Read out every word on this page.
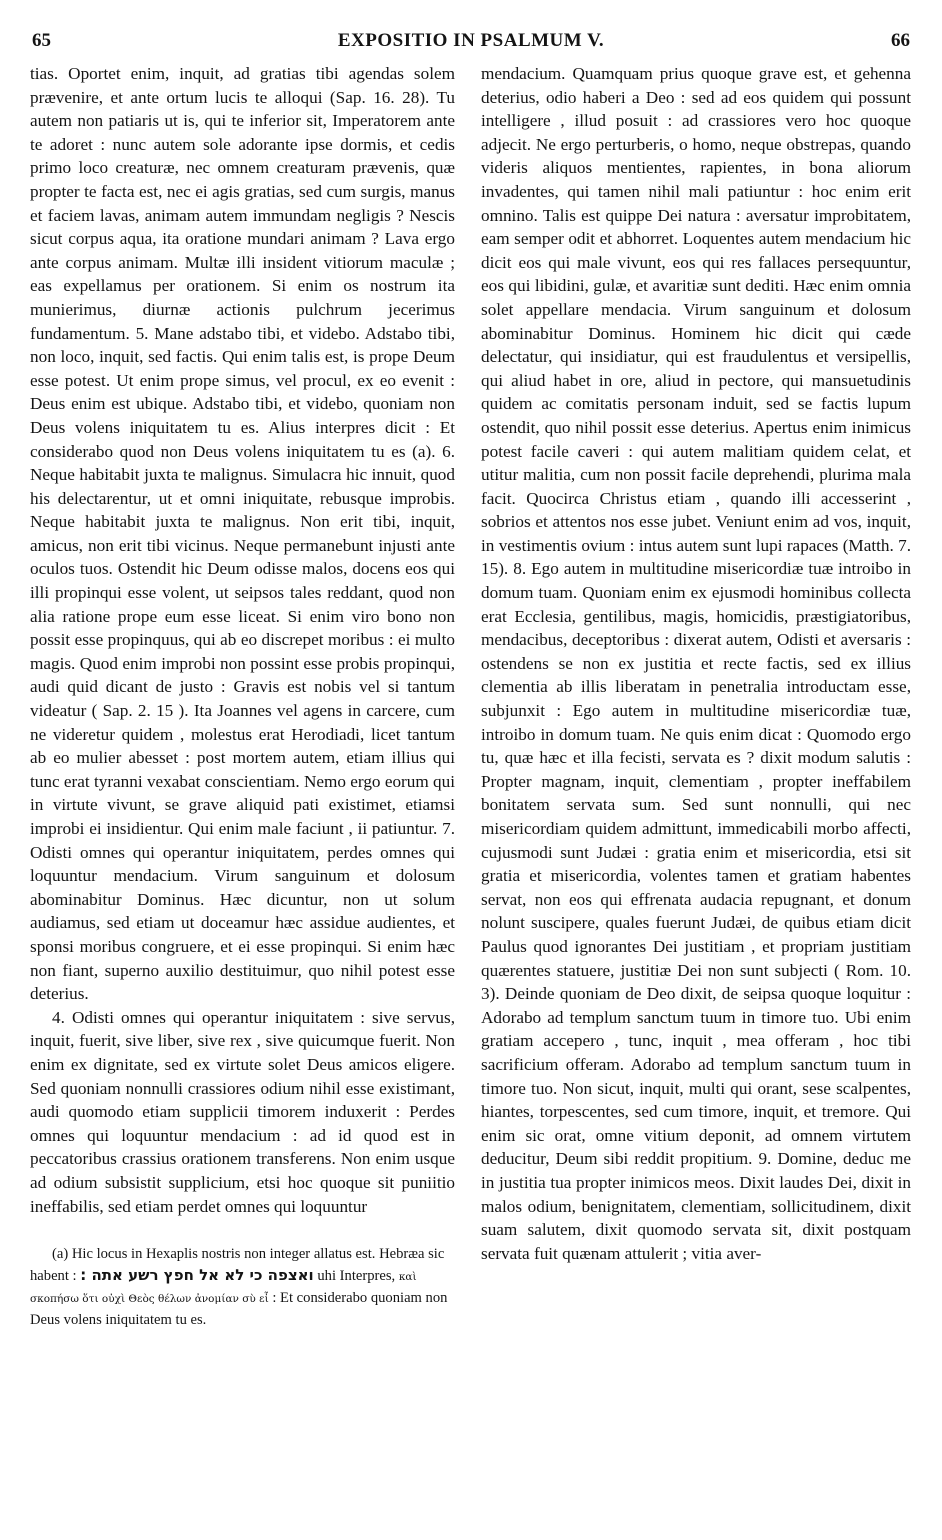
65	EXPOSITIO IN PSALMUM V.	66

tias. Oportet enim, inquit, ad gratias tibi agendas solem prævenire, et ante ortum lucis te alloqui (Sap. 16. 28). Tu autem non patiaris ut is, qui te inferior sit, Imperatorem ante te adoret : nunc autem sole adorante ipse dormis, et cedis primo loco creaturæ, nec omnem creaturam prævenis, quæ propter te facta est, nec ei agis gratias, sed cum surgis, manus et faciem lavas, animam autem immundam negligis ? Nescis sicut corpus aqua, ita oratione mundari animam ? Lava ergo ante corpus animam. Multæ illi insident vitiorum maculæ ; eas expellamus per orationem. Si enim os nostrum ita munierimus, diurnæ actionis pulchrum jecerimus fundamentum. 5. Mane adstabo tibi, et videbo. Adstabo tibi, non loco, inquit, sed factis. Qui enim talis est, is prope Deum esse potest. Ut enim prope simus, vel procul, ex eo evenit : Deus enim est ubique. Adstabo tibi, et videbo, quoniam non Deus volens iniquitatem tu es. Alius interpres dicit : Et considerabo quod non Deus volens iniquitatem tu es (a). 6. Neque habitabit juxta te malignus. Simulacra hic innuit, quod his delectarentur, ut et omni iniquitate, rebusque improbis. Neque habitabit juxta te malignus. Non erit tibi, inquit, amicus, non erit tibi vicinus. Neque permanebunt injusti ante oculos tuos. Ostendit hic Deum odisse malos, docens eos qui illi propinqui esse volent, ut seipsos tales reddant, quod non alia ratione prope eum esse liceat. Si enim viro bono non possit esse propinquus, qui ab eo discrepet moribus : ei multo magis. Quod enim improbi non possint esse probis propinqui, audi quid dicant de justo : Gravis est nobis vel si tantum videatur ( Sap. 2. 15 ). Ita Joannes vel agens in carcere, cum ne videretur quidem , molestus erat Herodiadi, licet tantum ab eo mulier abesset : post mortem autem, etiam illius qui tunc erat tyranni vexabat conscientiam. Nemo ergo eorum qui in virtute vivunt, se grave aliquid pati existimet, etiamsi improbi ei insidientur. Qui enim male faciunt , ii patiuntur. 7. Odisti omnes qui operantur iniquitatem, perdes omnes qui loquuntur mendacium. Virum sanguinum et dolosum abominabitur Dominus. Hæc dicuntur, non ut solum audiamus, sed etiam ut doceamur hæc assidue audientes, et sponsi moribus congruere, et ei esse propinqui. Si enim hæc non fiant, superno auxilio destituimur, quo nihil potest esse deterius.

4. Odisti omnes qui operantur iniquitatem : sive servus, inquit, fuerit, sive liber, sive rex , sive quicumque fuerit. Non enim ex dignitate, sed ex virtute solet Deus amicos eligere. Sed quoniam nonnulli crassiores odium nihil esse existimant, audi quomodo etiam supplicii timorem induxerit : Perdes omnes qui loquuntur mendacium : ad id quod est in peccatoribus crassius orationem transferens. Non enim usque ad odium subsistit supplicium, etsi hoc quoque sit puniitio ineffabilis, sed etiam perdet omnes qui loquuntur

(a) Hic locus in Hexaplis nostris non integer allatus est. Hebræa sic habent : ואצפה כי לא אל חפץ רשע אתה : uhi Interpres, καὶ σκοπήσω ὅτι οὐχὶ Θεὸς θέλων ἀνομίαν σὺ εἶ : Et considerabo quoniam non Deus volens iniquitatem tu es.

mendacium. Quamquam prius quoque grave est, et gehenna deterius, odio haberi a Deo : sed ad eos quidem qui possunt intelligere , illud posuit : ad crassiores vero hoc quoque adjecit. Ne ergo perturberis, o homo, neque obstrepas, quando videris aliquos mentientes, rapientes, in bona aliorum invadentes, qui tamen nihil mali patiuntur : hoc enim erit omnino. Talis est quippe Dei natura : aversatur improbitatem, eam semper odit et abhorret. Loquentes autem mendacium hic dicit eos qui male vivunt, eos qui res fallaces persequuntur, eos qui libidini, gulæ, et avaritiæ sunt dediti. Hæc enim omnia solet appellare mendacia. Virum sanguinum et dolosum abominabitur Dominus. Hominem hic dicit qui cæde delectatur, qui insidiatur, qui est fraudulentus et versipellis, qui aliud habet in ore, aliud in pectore, qui mansuetudinis quidem ac comitatis personam induit, sed se factis lupum ostendit, quo nihil possit esse deterius. Apertus enim inimicus potest facile caveri : qui autem malitiam quidem celat, et utitur malitia, cum non possit facile deprehendi, plurima mala facit. Quocirca Christus etiam , quando illi accesserint , sobrios et attentos nos esse jubet. Veniunt enim ad vos, inquit, in vestimentis ovium : intus autem sunt lupi rapaces (Matth. 7. 15). 8. Ego autem in multitudine misericordiæ tuæ introibo in domum tuam. Quoniam enim ex ejusmodi hominibus collecta erat Ecclesia, gentilibus, magis, homicidis, præstigiatoribus, mendacibus, deceptoribus : dixerat autem, Odisti et aversaris : ostendens se non ex justitia et recte factis, sed ex illius clementia ab illis liberatam in penetralia introductam esse, subjunxit : Ego autem in multitudine misericordiæ tuæ, introibo in domum tuam. Ne quis enim dicat : Quomodo ergo tu, quæ hæc et illa fecisti, servata es ? dixit modum salutis : Propter magnam, inquit, clementiam , propter ineffabilem bonitatem servata sum. Sed sunt nonnulli, qui nec misericordiam quidem admittunt, immedicabili morbo affecti, cujusmodi sunt Judæi : gratia enim et misericordia, etsi sit gratia et misericordia, volentes tamen et gratiam habentes servat, non eos qui effrenata audacia repugnant, et donum nolunt suscipere, quales fuerunt Judæi, de quibus etiam dicit Paulus quod ignorantes Dei justitiam , et propriam justitiam quærentes statuere, justitiæ Dei non sunt subjecti ( Rom. 10. 3). Deinde quoniam de Deo dixit, de seipsa quoque loquitur : Adorabo ad templum sanctum tuum in timore tuo. Ubi enim gratiam accepero , tunc, inquit , mea offeram , hoc tibi sacrificium offeram. Adorabo ad templum sanctum tuum in timore tuo. Non sicut, inquit, multi qui orant, sese scalpentes, hiantes, torpescentes, sed cum timore, inquit, et tremore. Qui enim sic orat, omne vitium deponit, ad omnem virtutem deducitur, Deum sibi reddit propitium. 9. Domine, deduc me in justitia tua propter inimicos meos. Dixit laudes Dei, dixit in malos odium, benignitatem, clementiam, sollicitudinem, dixit suam salutem, dixit quomodo servata sit, dixit postquam servata fuit quænam attulerit ; vitia aver-
